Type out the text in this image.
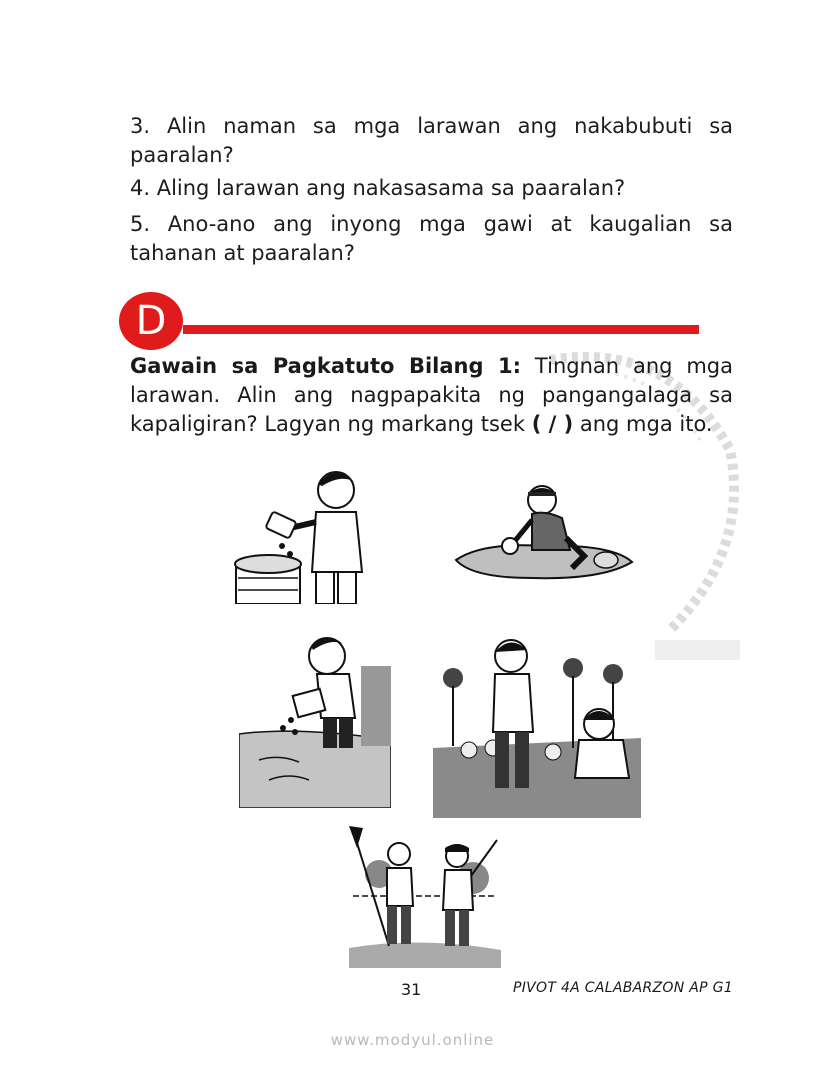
3. Alin naman sa mga larawan ang nakabubuti sa paaralan?

4. Aling larawan ang nakasasama sa paaralan?

5. Ano-ano ang inyong mga gawi at kaugalian sa tahanan at paaralan?

D

Gawain sa Pagkatuto Bilang 1: Tingnan ang mga larawan. Alin ang nagpapakita ng pangangalaga sa kapaligiran? Lagyan ng markang tsek ( / ) ang mga ito.

31	PIVOT 4A CALABARZON AP G1
www.modyul.online
